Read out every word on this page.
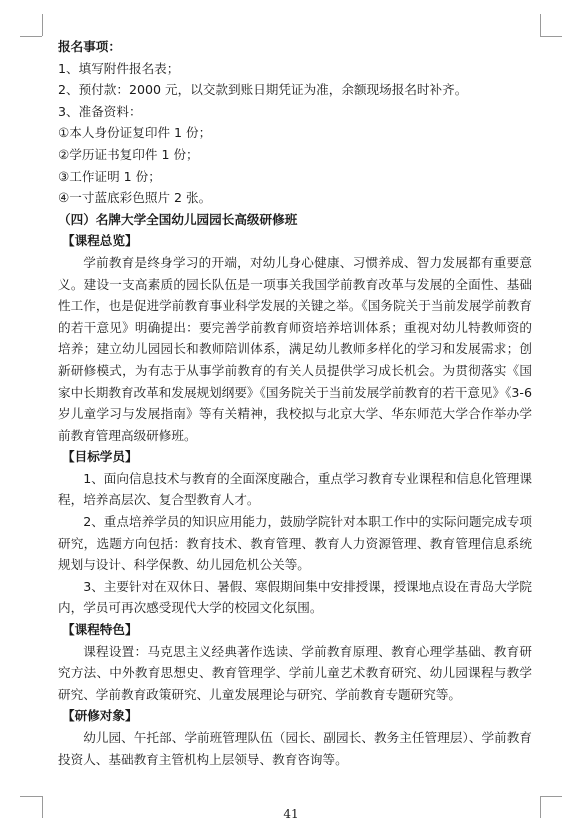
报名事项：

1、填写附件报名表；

2、预付款：2000 元，以交款到账日期凭证为准，余额现场报名时补齐。

3、准备资料：

①本人身份证复印件 1 份；

②学历证书复印件 1 份；

③工作证明 1 份；

④一寸蓝底彩色照片 2 张。

（四）名牌大学全国幼儿园园长高级研修班

【课程总览】

学前教育是终身学习的开端，对幼儿身心健康、习惯养成、智力发展都有重要意义。建设一支高素质的园长队伍是一项事关我国学前教育改革与发展的全面性、基础性工作，也是促进学前教育事业科学发展的关键之举。《国务院关于当前发展学前教育的若干意见》明确提出：要完善学前教育师资培养培训体系；重视对幼儿特教师资的培养；建立幼儿园园长和教师陪训体系，满足幼儿教师多样化的学习和发展需求；创新研修模式，为有志于从事学前教育的有关人员提供学习成长机会。为贯彻落实《国家中长期教育改革和发展规划纲要》《国务院关于当前发展学前教育的若干意见》《3-6 岁儿童学习与发展指南》等有关精神，我校拟与北京大学、华东师范大学合作举办学前教育管理高级研修班。

【目标学员】

1、面向信息技术与教育的全面深度融合，重点学习教育专业课程和信息化管理课程，培养高层次、复合型教育人才。

2、重点培养学员的知识应用能力，鼓励学院针对本职工作中的实际问题完成专项研究，选题方向包括：教育技术、教育管理、教育人力资源管理、教育管理信息系统规划与设计、科学保教、幼儿园危机公关等。

3、主要针对在双休日、暑假、寒假期间集中安排授课，授课地点设在青岛大学院内，学员可再次感受现代大学的校园文化氛围。

【课程特色】

课程设置：马克思主义经典著作选读、学前教育原理、教育心理学基础、教育研究方法、中外教育思想史、教育管理学、学前儿童艺术教育研究、幼儿园课程与教学研究、学前教育政策研究、儿童发展理论与研究、学前教育专题研究等。

【研修对象】

幼儿园、午托部、学前班管理队伍（园长、副园长、教务主任管理层）、学前教育投资人、基础教育主管机构上层领导、教育咨询等。

41
